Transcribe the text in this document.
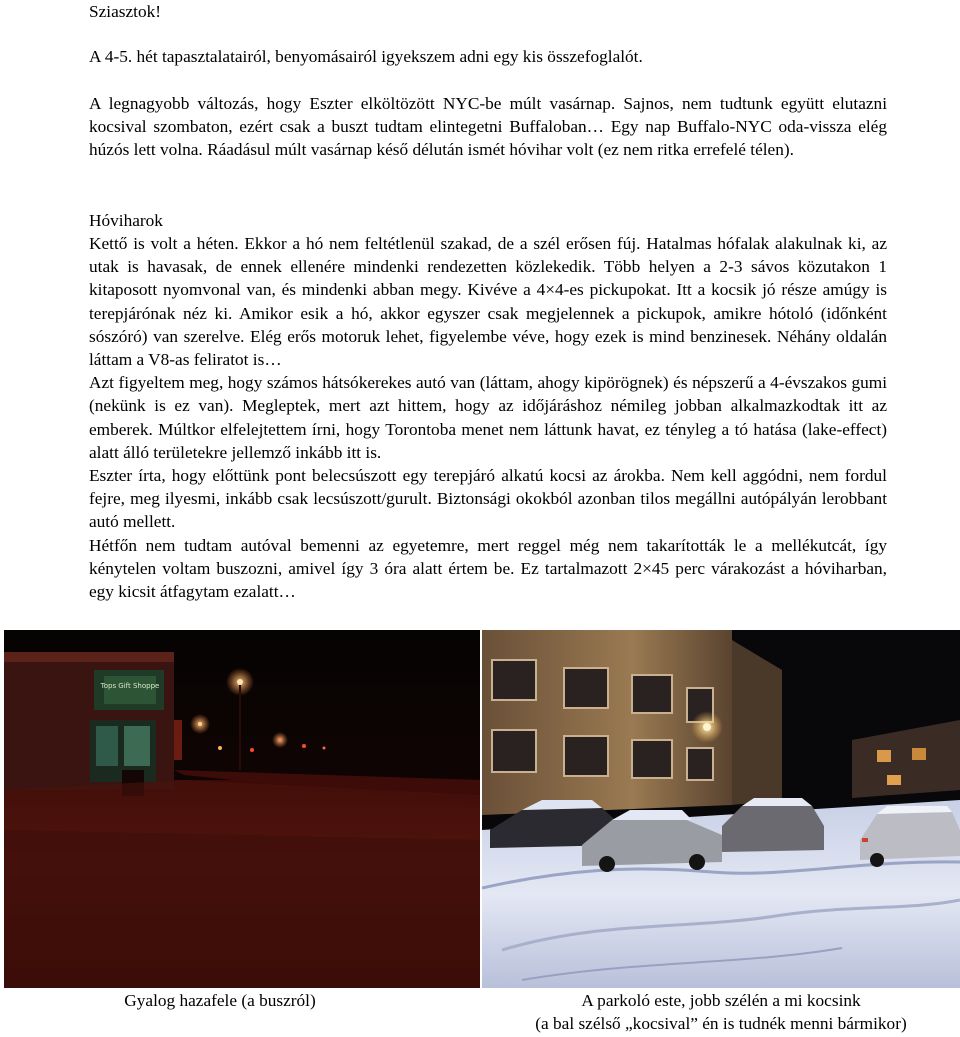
Sziasztok!

A 4-5. hét tapasztalatairól, benyomásairól igyekszem adni egy kis összefoglalót.

A legnagyobb változás, hogy Eszter elköltözött NYC-be múlt vasárnap. Sajnos, nem tudtunk együtt elutazni kocsival szombaton, ezért csak a buszt tudtam elintegetni Buffaloban… Egy nap Buffalo-NYC oda-vissza elég húzós lett volna. Ráadásul múlt vasárnap késő délután ismét hóvihar volt (ez nem ritka errefelé télen).

Hóviharok

Kettő is volt a héten. Ekkor a hó nem feltétlenül szakad, de a szél erősen fúj. Hatalmas hófalak alakulnak ki, az utak is havasak, de ennek ellenére mindenki rendezetten közlekedik. Több helyen a 2-3 sávos közutakon 1 kitaposott nyomvonal van, és mindenki abban megy. Kivéve a 4×4-es pickupokat. Itt a kocsik jó része amúgy is terepjárónak néz ki. Amikor esik a hó, akkor egyszer csak megjelennek a pickupok, amikre hótoló (időnként sószóró) van szerelve. Elég erős motoruk lehet, figyelembe véve, hogy ezek is mind benzinesek. Néhány oldalán láttam a V8-as feliratot is…

Azt figyeltem meg, hogy számos hátsókerekes autó van (láttam, ahogy kipörögnek) és népszerű a 4-évszakos gumi (nekünk is ez van). Megleptek, mert azt hittem, hogy az időjáráshoz némileg jobban alkalmazkodtak itt az emberek. Múltkor elfelejtettem írni, hogy Torontoba menet nem láttunk havat, ez tényleg a tó hatása (lake-effect) alatt álló területekre jellemző inkább itt is.

Eszter írta, hogy előttünk pont belecsúszott egy terepjáró alkatú kocsi az árokba. Nem kell aggódni, nem fordul fejre, meg ilyesmi, inkább csak lecsúszott/gurult. Biztonsági okokból azonban tilos megállni autópályán lerobbant autó mellett.

Hétfőn nem tudtam autóval bemenni az egyetemre, mert reggel még nem takarították le a mellékutcát, így kénytelen voltam buszozni, amivel így 3 óra alatt értem be. Ez tartalmazott 2×45 perc várakozást a hóviharban, egy kicsit átfagytam ezalatt…

Tops Gift Shoppe
Gyalog hazafele (a buszról)	A parkoló este, jobb szélén a mi kocsink
(a bal szélső „kocsival” én is tudnék menni bármikor)
